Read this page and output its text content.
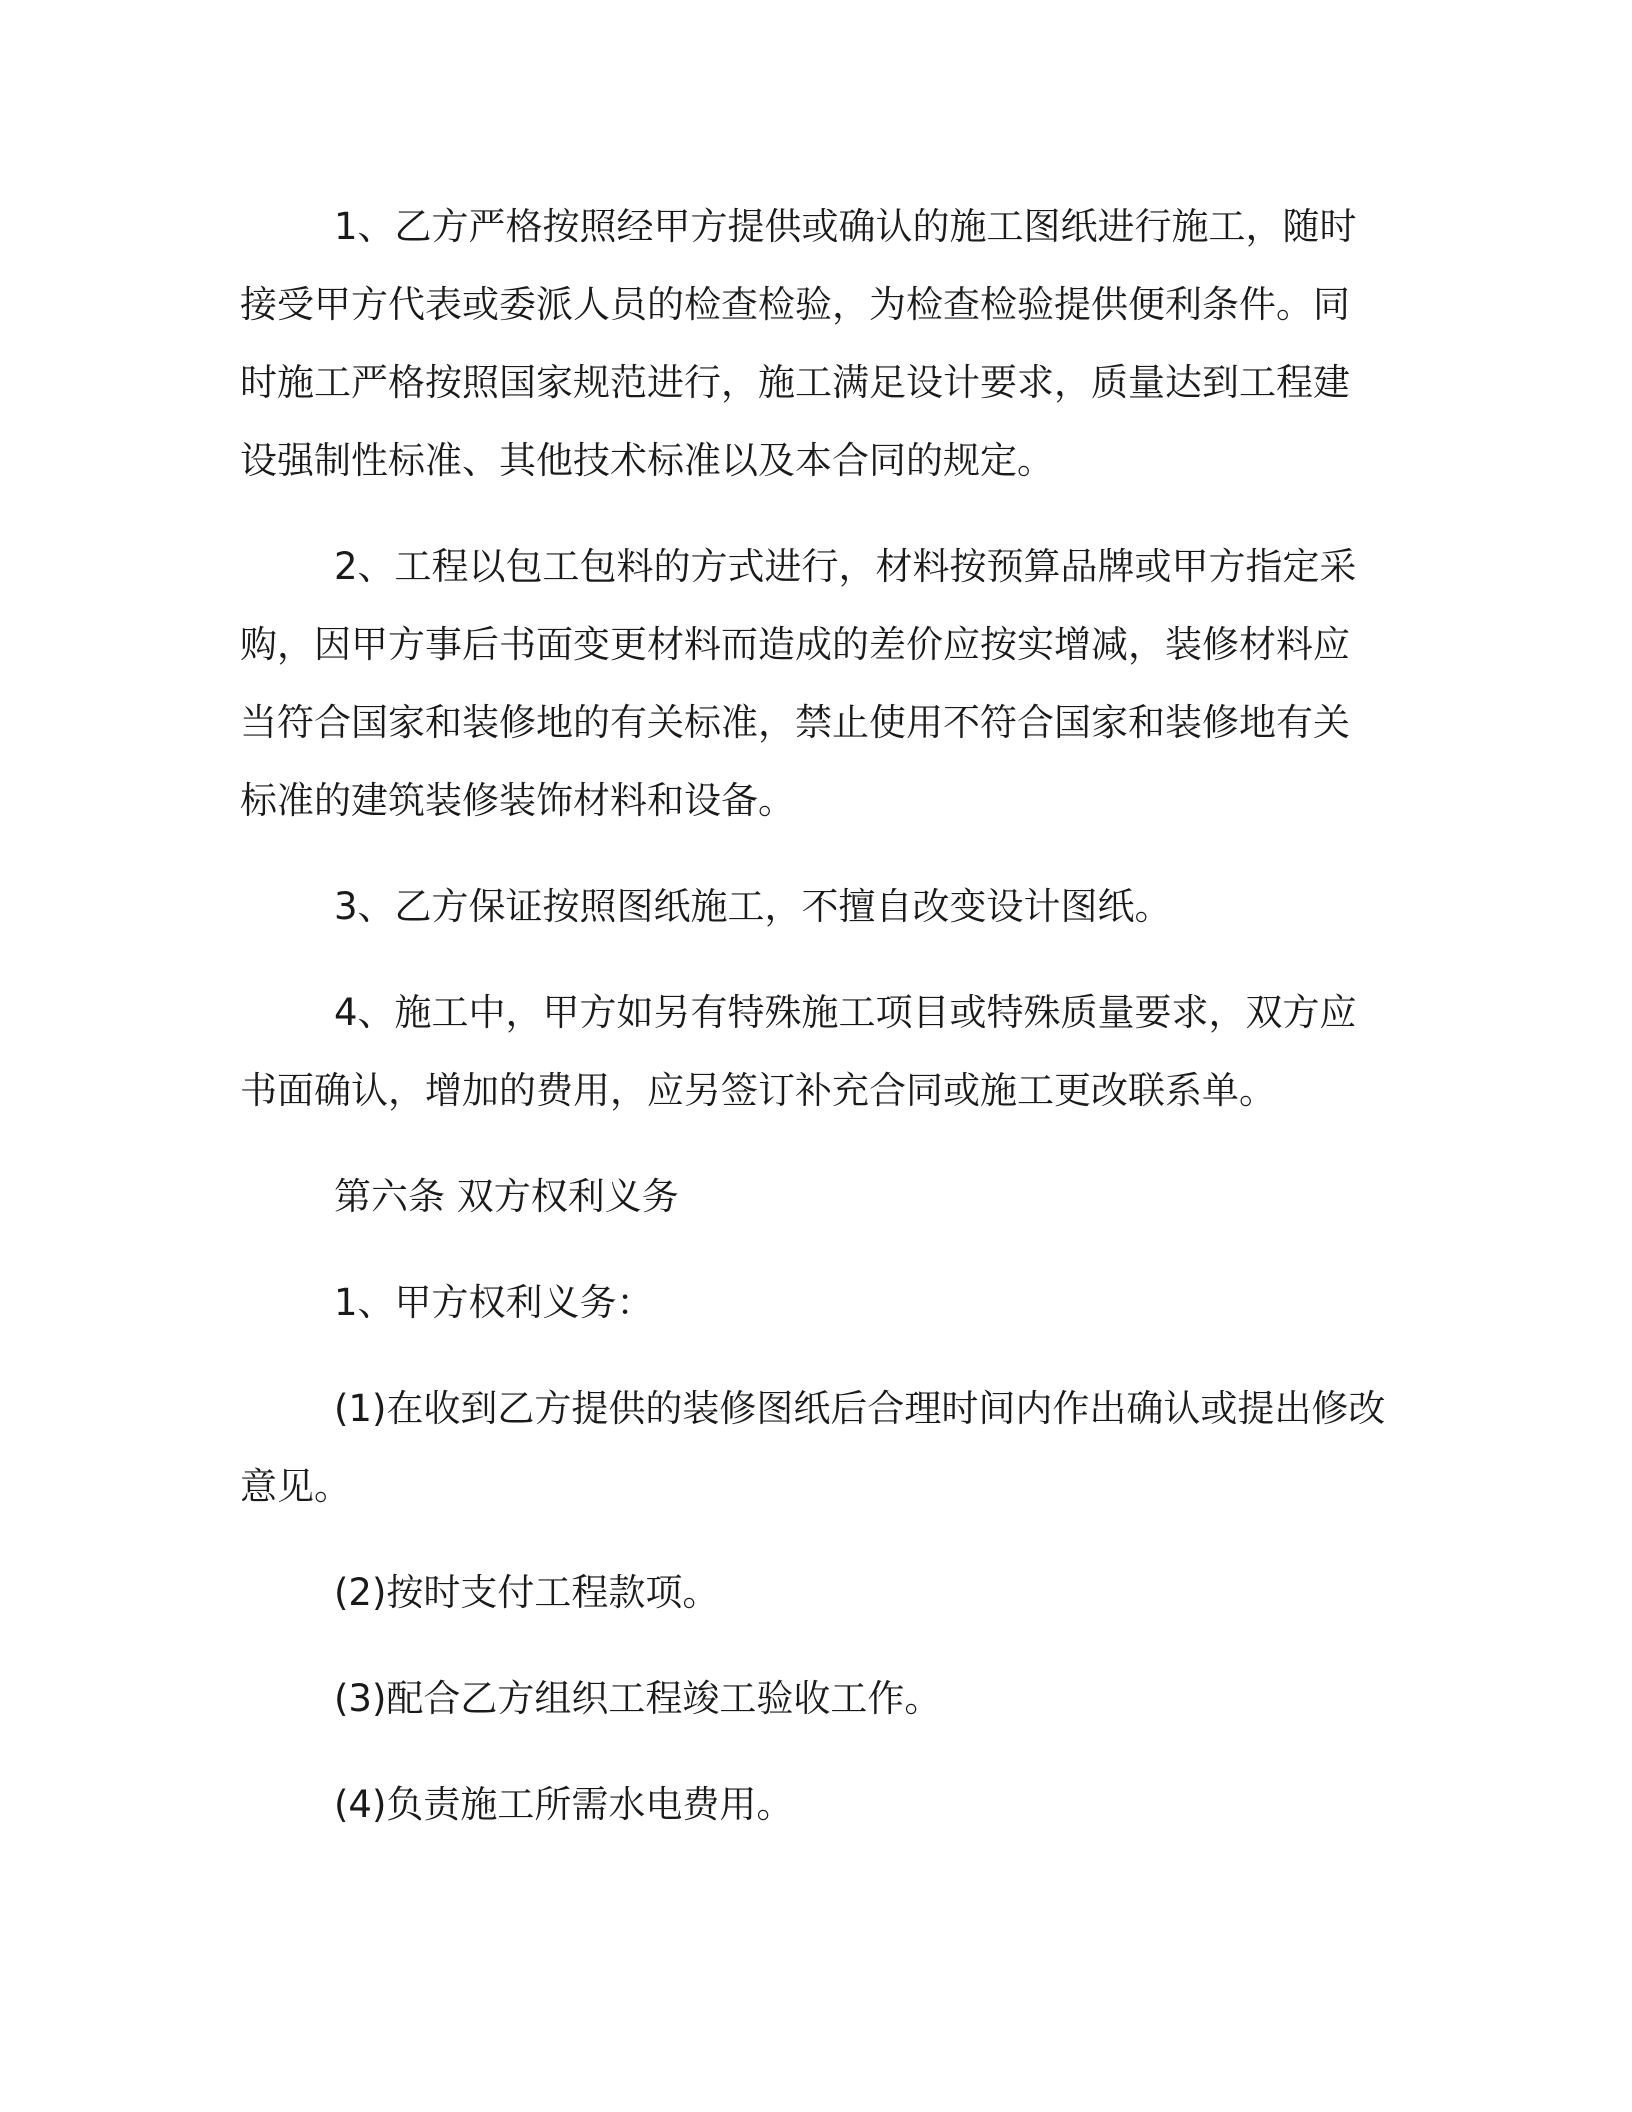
1、乙方严格按照经甲方提供或确认的施工图纸进行施工，随时接受甲方代表或委派人员的检查检验，为检查检验提供便利条件。同时施工严格按照国家规范进行，施工满足设计要求，质量达到工程建设强制性标准、其他技术标准以及本合同的规定。

2、工程以包工包料的方式进行，材料按预算品牌或甲方指定采购，因甲方事后书面变更材料而造成的差价应按实增减，装修材料应当符合国家和装修地的有关标准，禁止使用不符合国家和装修地有关标准的建筑装修装饰材料和设备。

3、乙方保证按照图纸施工，不擅自改变设计图纸。

4、施工中，甲方如另有特殊施工项目或特殊质量要求，双方应书面确认，增加的费用，应另签订补充合同或施工更改联系单。

第六条 双方权利义务

1、甲方权利义务：

(1)在收到乙方提供的装修图纸后合理时间内作出确认或提出修改意见。

(2)按时支付工程款项。

(3)配合乙方组织工程竣工验收工作。

(4)负责施工所需水电费用。
